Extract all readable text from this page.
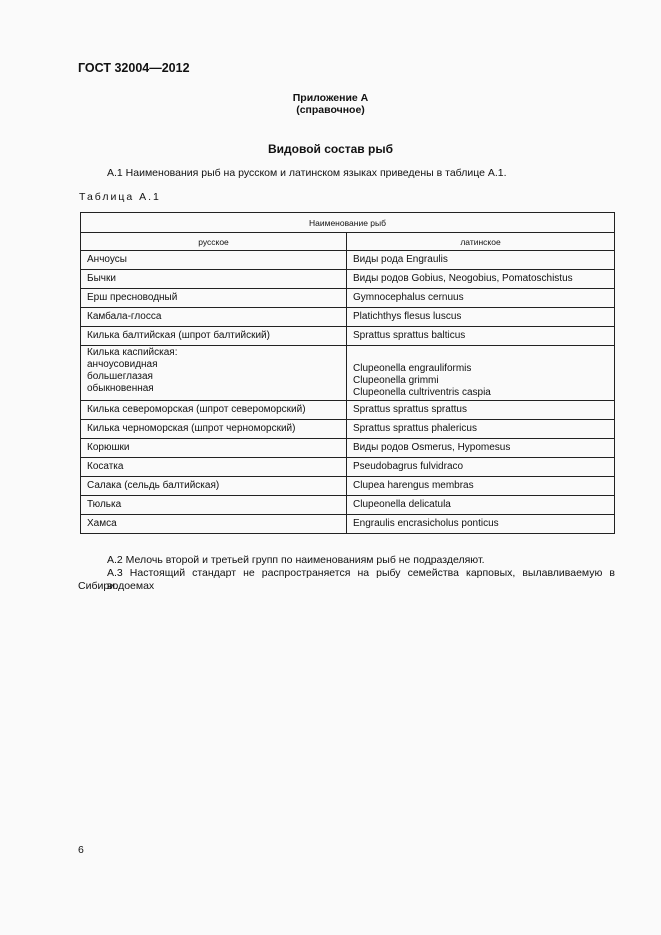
ГОСТ 32004—2012
Приложение А
(справочное)
Видовой состав рыб
А.1 Наименования рыб на русском и латинском языках приведены в таблице А.1.
Таблица А.1
Наименование рыб	
русское	латинское

Анчоусы	Виды рода Engraulis

Бычки	Виды родов Gobius, Neogobius, Pomatoschistus

Ерш пресноводный	Gymnocephalus cernuus

Камбала-глосса	Platichthys flesus luscus

Килька балтийская (шпрот балтийский)	Sprattus sprattus balticus

Килька каспийская:
анчоусовидная
большеглазая
обыкновенная	Clupeonella engrauliformis
Clupeonella grimmi
Clupeonella cultriventris caspia

Килька североморская (шпрот североморский)	Sprattus sprattus sprattus

Килька черноморская (шпрот черноморский)	Sprattus sprattus phalericus

Корюшки	Виды родов Osmerus, Hypomesus

Косатка	Pseudobagrus fulvidraco

Салака (сельдь балтийская)	Clupea harengus membras

Тюлька	Clupeonella delicatula

Хамса	Engraulis encrasicholus ponticus
А.2 Мелочь второй и третьей групп по наименованиям рыб не подразделяют.
А.3 Настоящий стандарт не распространяется на рыбу семейства карповых, вылавливаемую в водоемах
Сибири.
6
